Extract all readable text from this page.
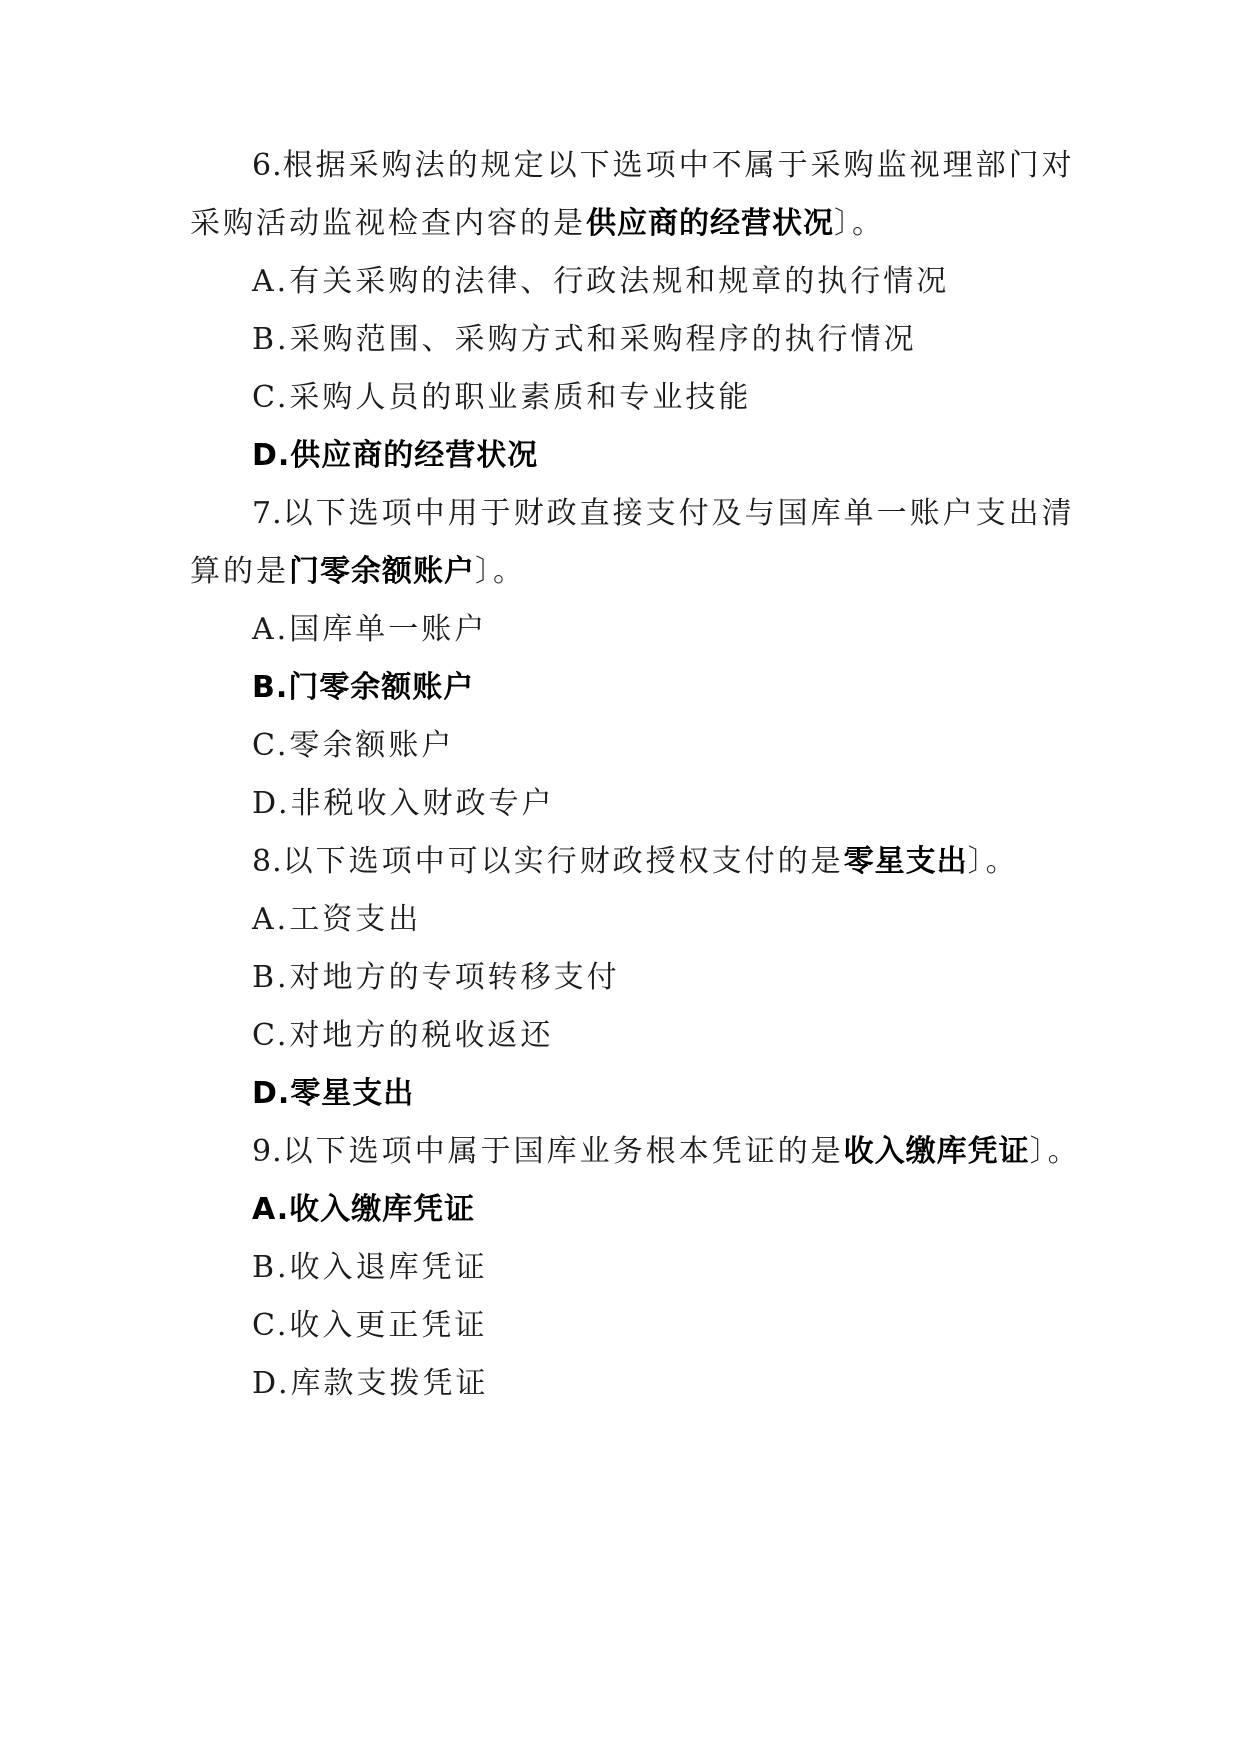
6.根据采购法的规定以下选项中不属于采购监视理部门对
采购活动监视检查内容的是供应商的经营状况〕。
A.有关采购的法律、行政法规和规章的执行情况
B.采购范围、采购方式和采购程序的执行情况
C.采购人员的职业素质和专业技能
D.供应商的经营状况
7.以下选项中用于财政直接支付及与国库单一账户支出清
算的是门零余额账户〕。
A.国库单一账户
B.门零余额账户
C.零余额账户
D.非税收入财政专户
8.以下选项中可以实行财政授权支付的是零星支出〕。
A.工资支出
B.对地方的专项转移支付
C.对地方的税收返还
D.零星支出
9.以下选项中属于国库业务根本凭证的是收入缴库凭证〕。
A.收入缴库凭证
B.收入退库凭证
C.收入更正凭证
D.库款支拨凭证
